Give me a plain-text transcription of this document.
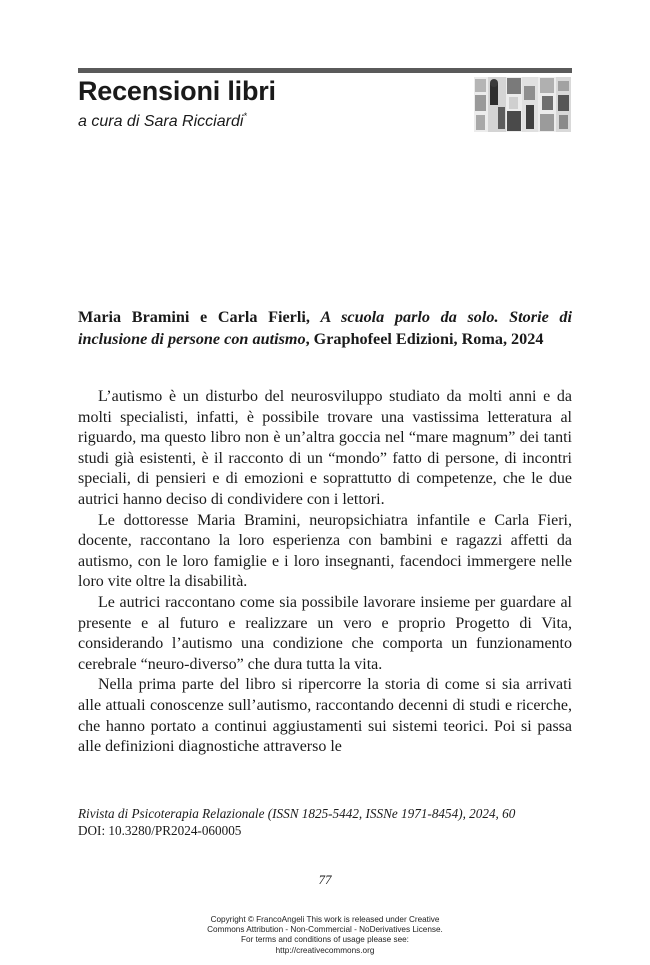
Recensioni libri
a cura di Sara Ricciardi*

Maria Bramini e Carla Fierli, A scuola parlo da solo. Storie di inclusione di persone con autismo, Graphofeel Edizioni, Roma, 2024

L’autismo è un disturbo del neurosviluppo studiato da molti anni e da molti specialisti, infatti, è possibile trovare una vastissima letteratura al riguardo, ma questo libro non è un’altra goccia nel “mare magnum” dei tanti studi già esistenti, è il racconto di un “mondo” fatto di persone, di incontri speciali, di pensieri e di emozioni e soprattutto di competenze, che le due autrici hanno deciso di condividere con i lettori.

Le dottoresse Maria Bramini, neuropsichiatra infantile e Carla Fieri, docente, raccontano la loro esperienza con bambini e ragazzi affetti da autismo, con le loro famiglie e i loro insegnanti, facendoci immergere nelle loro vite oltre la disabilità.

Le autrici raccontano come sia possibile lavorare insieme per guardare al presente e al futuro e realizzare un vero e proprio Progetto di Vita, considerando l’autismo una condizione che comporta un funzionamento cerebrale “neuro-diverso” che dura tutta la vita.

Nella prima parte del libro si ripercorre la storia di come si sia arrivati alle attuali conoscenze sull’autismo, raccontando decenni di studi e ricerche, che hanno portato a continui aggiustamenti sui sistemi teorici. Poi si passa alle definizioni diagnostiche attraverso le

Rivista di Psicoterapia Relazionale (ISSN 1825-5442, ISSNe 1971-8454), 2024, 60
DOI: 10.3280/PR2024-060005
77
Copyright © FrancoAngeli This work is released under Creative
Commons Attribution - Non-Commercial - NoDerivatives License.
For terms and conditions of usage please see:
http://creativecommons.org
